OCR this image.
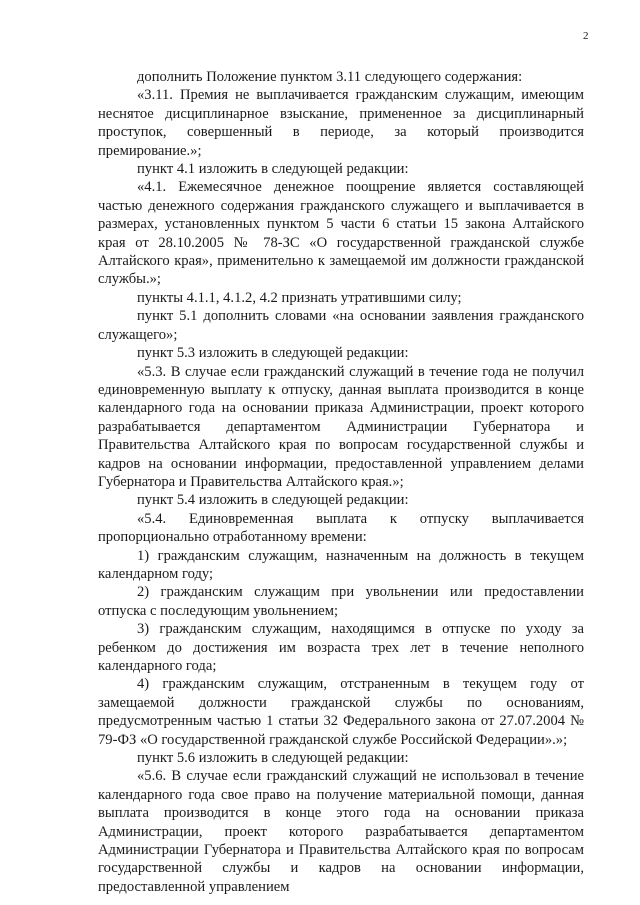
2

дополнить Положение пунктом 3.11 следующего содержания:

«3.11. Премия не выплачивается гражданским служащим, имеющим неснятое дисциплинарное взыскание, примененное за дисциплинарный проступок, совершенный в периоде, за который производится премирование.»;

пункт 4.1 изложить в следующей редакции:

«4.1. Ежемесячное денежное поощрение является составляющей частью денежного содержания гражданского служащего и выплачивается в размерах, установленных пунктом 5 части 6 статьи 15 закона Алтайского края от 28.10.2005 № 78-ЗС «О государственной гражданской службе Алтайского края», применительно к замещаемой им должности гражданской службы.»;

пункты 4.1.1, 4.1.2, 4.2 признать утратившими силу;

пункт 5.1 дополнить словами «на основании заявления гражданского служащего»;

пункт 5.3 изложить в следующей редакции:

«5.3. В случае если гражданский служащий в течение года не получил единовременную выплату к отпуску, данная выплата производится в конце календарного года на основании приказа Администрации, проект которого разрабатывается департаментом Администрации Губернатора и Правительства Алтайского края по вопросам государственной службы и кадров на основании информации, предоставленной управлением делами Губернатора и Правительства Алтайского края.»;

пункт 5.4 изложить в следующей редакции:

«5.4. Единовременная выплата к отпуску выплачивается пропорционально отработанному времени:

1) гражданским служащим, назначенным на должность в текущем календарном году;

2) гражданским служащим при увольнении или предоставлении отпуска с последующим увольнением;

3) гражданским служащим, находящимся в отпуске по уходу за ребенком до достижения им возраста трех лет в течение неполного календарного года;

4) гражданским служащим, отстраненным в текущем году от замещаемой должности гражданской службы по основаниям, предусмотренным частью 1 статьи 32 Федерального закона от 27.07.2004 № 79-ФЗ «О государственной гражданской службе Российской Федерации».»;

пункт 5.6 изложить в следующей редакции:

«5.6. В случае если гражданский служащий не использовал в течение календарного года свое право на получение материальной помощи, данная выплата производится в конце этого года на основании приказа Администрации, проект которого разрабатывается департаментом Администрации Губернатора и Правительства Алтайского края по вопросам государственной службы и кадров на основании информации, предоставленной управлением
